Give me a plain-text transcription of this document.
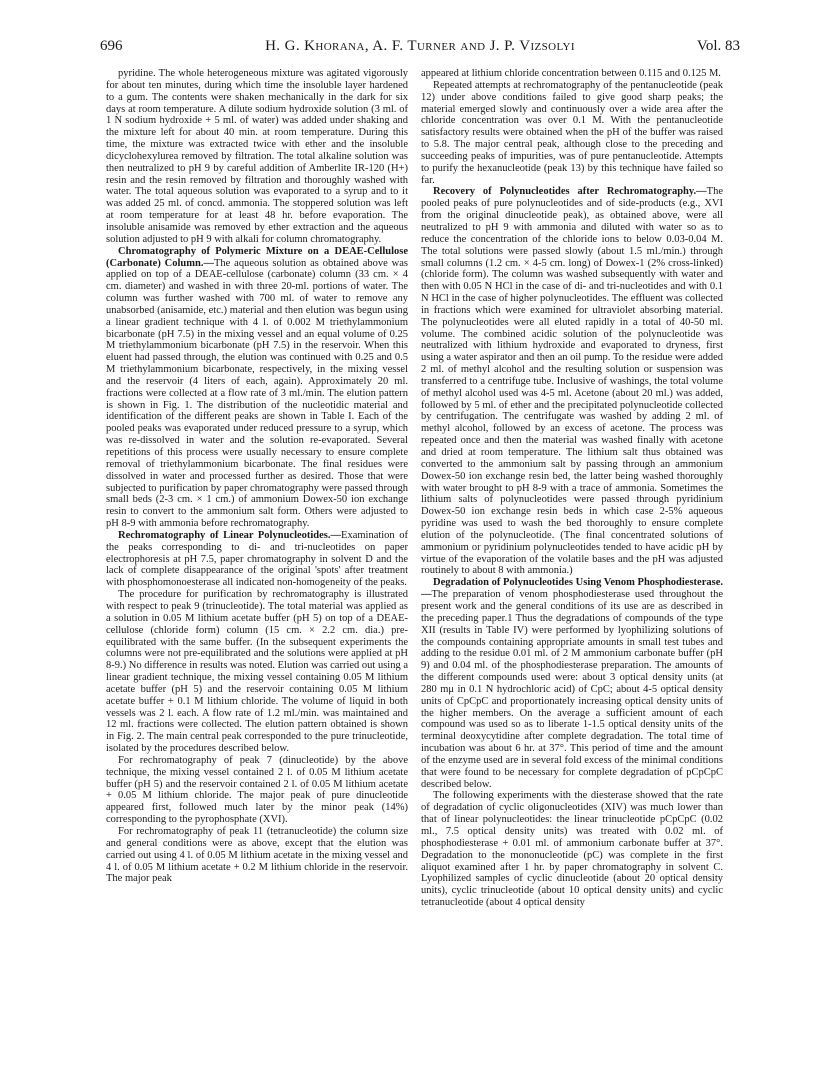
696	H. G. Khorana, A. F. Turner and J. P. Vizsolyi	Vol. 83

pyridine. The whole heterogeneous mixture was agitated vigorously for about ten minutes, during which time the insoluble layer hardened to a gum. The contents were shaken mechanically in the dark for six days at room temperature. A dilute sodium hydroxide solution (3 ml. of 1 N sodium hydroxide + 5 ml. of water) was added under shaking and the mixture left for about 40 min. at room temperature. During this time, the mixture was extracted twice with ether and the insoluble dicyclohexylurea removed by filtration. The total alkaline solution was then neutralized to pH 9 by careful addition of Amberlite IR-120 (H+) resin and the resin removed by filtration and thoroughly washed with water. The total aqueous solution was evaporated to a syrup and to it was added 25 ml. of concd. ammonia. The stoppered solution was left at room temperature for at least 48 hr. before evaporation. The insoluble anisamide was removed by ether extraction and the aqueous solution adjusted to pH 9 with alkali for column chromatography.

Chromatography of Polymeric Mixture on a DEAE-Cellulose (Carbonate) Column.—The aqueous solution as obtained above was applied on top of a DEAE-cellulose (carbonate) column (33 cm. × 4 cm. diameter) and washed in with three 20-ml. portions of water. The column was further washed with 700 ml. of water to remove any unabsorbed (anisamide, etc.) material and then elution was begun using a linear gradient technique with 4 l. of 0.002 M triethylammonium bicarbonate (pH 7.5) in the mixing vessel and an equal volume of 0.25 M triethylammonium bicarbonate (pH 7.5) in the reservoir. When this eluent had passed through, the elution was continued with 0.25 and 0.5 M triethylammonium bicarbonate, respectively, in the mixing vessel and the reservoir (4 liters of each, again). Approximately 20 ml. fractions were collected at a flow rate of 3 ml./min. The elution pattern is shown in Fig. 1. The distribution of the nucleotidic material and identification of the different peaks are shown in Table I. Each of the pooled peaks was evaporated under reduced pressure to a syrup, which was re-dissolved in water and the solution re-evaporated. Several repetitions of this process were usually necessary to ensure complete removal of triethylammonium bicarbonate. The final residues were dissolved in water and processed further as desired. Those that were subjected to purification by paper chromatography were passed through small beds (2-3 cm. × 1 cm.) of ammonium Dowex-50 ion exchange resin to convert to the ammonium salt form. Others were adjusted to pH 8-9 with ammonia before rechromatography.

Rechromatography of Linear Polynucleotides.—Examination of the peaks corresponding to di- and tri-nucleotides on paper electrophoresis at pH 7.5, paper chromatography in solvent D and the lack of complete disappearance of the original 'spots' after treatment with phosphomonoesterase all indicated non-homogeneity of the peaks.

The procedure for purification by rechromatography is illustrated with respect to peak 9 (trinucleotide). The total material was applied as a solution in 0.05 M lithium acetate buffer (pH 5) on top of a DEAE-cellulose (chloride form) column (15 cm. × 2.2 cm. dia.) pre-equilibrated with the same buffer. (In the subsequent experiments the columns were not pre-equilibrated and the solutions were applied at pH 8-9.) No difference in results was noted. Elution was carried out using a linear gradient technique, the mixing vessel containing 0.05 M lithium acetate buffer (pH 5) and the reservoir containing 0.05 M lithium acetate buffer + 0.1 M lithium chloride. The volume of liquid in both vessels was 2 l. each. A flow rate of 1.2 ml./min. was maintained and 12 ml. fractions were collected. The elution pattern obtained is shown in Fig. 2. The main central peak corresponded to the pure trinucleotide, isolated by the procedures described below.

For rechromatography of peak 7 (dinucleotide) by the above technique, the mixing vessel contained 2 l. of 0.05 M lithium acetate buffer (pH 5) and the reservoir contained 2 l. of 0.05 M lithium acetate + 0.05 M lithium chloride. The major peak of pure dinucleotide appeared first, followed much later by the minor peak (14%) corresponding to the pyrophosphate (XVI).

For rechromatography of peak 11 (tetranucleotide) the column size and general conditions were as above, except that the elution was carried out using 4 l. of 0.05 M lithium acetate in the mixing vessel and 4 l. of 0.05 M lithium acetate + 0.2 M lithium chloride in the reservoir. The major peak

appeared at lithium chloride concentration between 0.115 and 0.125 M.

Repeated attempts at rechromatography of the pentanucleotide (peak 12) under above conditions failed to give good sharp peaks; the material emerged slowly and continuously over a wide area after the chloride concentration was over 0.1 M. With the pentanucleotide satisfactory results were obtained when the pH of the buffer was raised to 5.8. The major central peak, although close to the preceding and succeeding peaks of impurities, was of pure pentanucleotide. Attempts to purify the hexanucleotide (peak 13) by this technique have failed so far.

Recovery of Polynucleotides after Rechromatography.—The pooled peaks of pure polynucleotides and of side-products (e.g., XVI from the original dinucleotide peak), as obtained above, were all neutralized to pH 9 with ammonia and diluted with water so as to reduce the concentration of the chloride ions to below 0.03-0.04 M. The total solutions were passed slowly (about 1.5 ml./min.) through small columns (1.2 cm. × 4-5 cm. long) of Dowex-1 (2% cross-linked) (chloride form). The column was washed subsequently with water and then with 0.05 N HCl in the case of di- and tri-nucleotides and with 0.1 N HCl in the case of higher polynucleotides. The effluent was collected in fractions which were examined for ultraviolet absorbing material. The polynucleotides were all eluted rapidly in a total of 40-50 ml. volume. The combined acidic solution of the polynucleotide was neutralized with lithium hydroxide and evaporated to dryness, first using a water aspirator and then an oil pump. To the residue were added 2 ml. of methyl alcohol and the resulting solution or suspension was transferred to a centrifuge tube. Inclusive of washings, the total volume of methyl alcohol used was 4-5 ml. Acetone (about 20 ml.) was added, followed by 5 ml. of ether and the precipitated polynucleotide collected by centrifugation. The centrifugate was washed by adding 2 ml. of methyl alcohol, followed by an excess of acetone. The process was repeated once and then the material was washed finally with acetone and dried at room temperature. The lithium salt thus obtained was converted to the ammonium salt by passing through an ammonium Dowex-50 ion exchange resin bed, the latter being washed thoroughly with water brought to pH 8-9 with a trace of ammonia. Sometimes the lithium salts of polynucleotides were passed through pyridinium Dowex-50 ion exchange resin beds in which case 2-5% aqueous pyridine was used to wash the bed thoroughly to ensure complete elution of the polynucleotide. (The final concentrated solutions of ammonium or pyridinium polynucleotides tended to have acidic pH by virtue of the evaporation of the volatile bases and the pH was adjusted routinely to about 8 with ammonia.)

Degradation of Polynucleotides Using Venom Phosphodiesterase.—The preparation of venom phosphodiesterase used throughout the present work and the general conditions of its use are as described in the preceding paper.1 Thus the degradations of compounds of the type XII (results in Table IV) were performed by lyophilizing solutions of the compounds containing appropriate amounts in small test tubes and adding to the residue 0.01 ml. of 2 M ammonium carbonate buffer (pH 9) and 0.04 ml. of the phosphodiesterase preparation. The amounts of the different compounds used were: about 3 optical density units (at 280 mμ in 0.1 N hydrochloric acid) of CpC; about 4-5 optical density units of CpCpC and proportionately increasing optical density units of the higher members. On the average a sufficient amount of each compound was used so as to liberate 1-1.5 optical density units of the terminal deoxycytidine after complete degradation. The total time of incubation was about 6 hr. at 37°. This period of time and the amount of the enzyme used are in several fold excess of the minimal conditions that were found to be necessary for complete degradation of pCpCpC described below.

The following experiments with the diesterase showed that the rate of degradation of cyclic oligonucleotides (XIV) was much lower than that of linear polynucleotides: the linear trinucleotide pCpCpC (0.02 ml., 7.5 optical density units) was treated with 0.02 ml. of phosphodiesterase + 0.01 ml. of ammonium carbonate buffer at 37°. Degradation to the mononucleotide (pC) was complete in the first aliquot examined after 1 hr. by paper chromatography in solvent C. Lyophilized samples of cyclic dinucleotide (about 20 optical density units), cyclic trinucleotide (about 10 optical density units) and cyclic tetranucleotide (about 4 optical density
